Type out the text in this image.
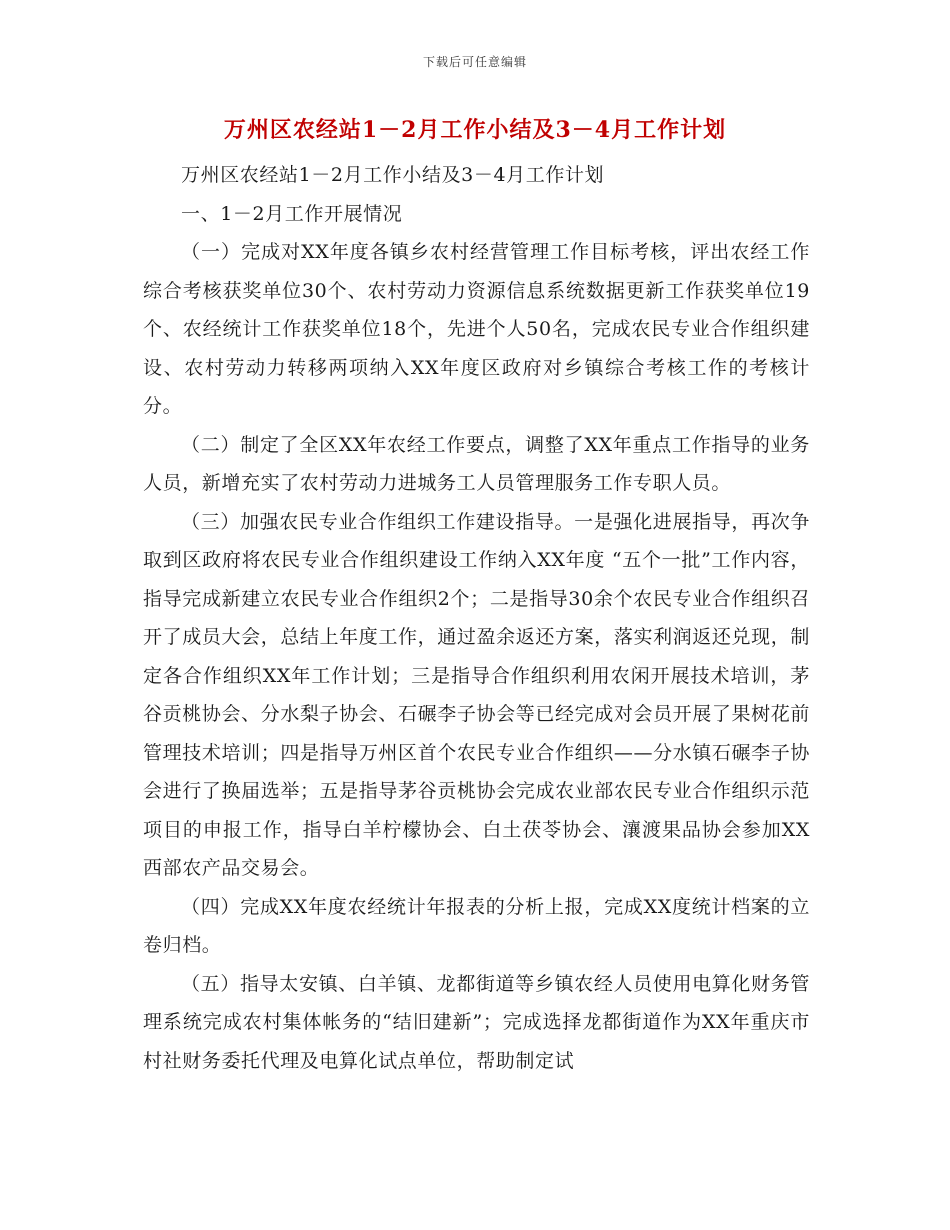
下载后可任意编辑
万州区农经站1－2月工作小结及3－4月工作计划

万州区农经站1－2月工作小结及3－4月工作计划

一、1－2月工作开展情况

（一）完成对XX年度各镇乡农村经营管理工作目标考核，评出农经工作综合考核获奖单位30个、农村劳动力资源信息系统数据更新工作获奖单位19个、农经统计工作获奖单位18个，先进个人50名，完成农民专业合作组织建设、农村劳动力转移两项纳入XX年度区政府对乡镇综合考核工作的考核计分。

（二）制定了全区XX年农经工作要点，调整了XX年重点工作指导的业务人员，新增充实了农村劳动力进城务工人员管理服务工作专职人员。

（三）加强农民专业合作组织工作建设指导。一是强化进展指导，再次争取到区政府将农民专业合作组织建设工作纳入XX年度 “五个一批”工作内容，指导完成新建立农民专业合作组织2个；二是指导30余个农民专业合作组织召开了成员大会，总结上年度工作，通过盈余返还方案，落实利润返还兑现，制定各合作组织XX年工作计划；三是指导合作组织利用农闲开展技术培训，茅谷贡桃协会、分水梨子协会、石碾李子协会等已经完成对会员开展了果树花前管理技术培训；四是指导万州区首个农民专业合作组织——分水镇石碾李子协会进行了换届选举；五是指导茅谷贡桃协会完成农业部农民专业合作组织示范项目的申报工作，指导白羊柠檬协会、白土茯苓协会、瀼渡果品协会参加XX西部农产品交易会。

（四）完成XX年度农经统计年报表的分析上报，完成XX度统计档案的立卷归档。

（五）指导太安镇、白羊镇、龙都街道等乡镇农经人员使用电算化财务管理系统完成农村集体帐务的“结旧建新”；完成选择龙都街道作为XX年重庆市村社财务委托代理及电算化试点单位，帮助制定试
